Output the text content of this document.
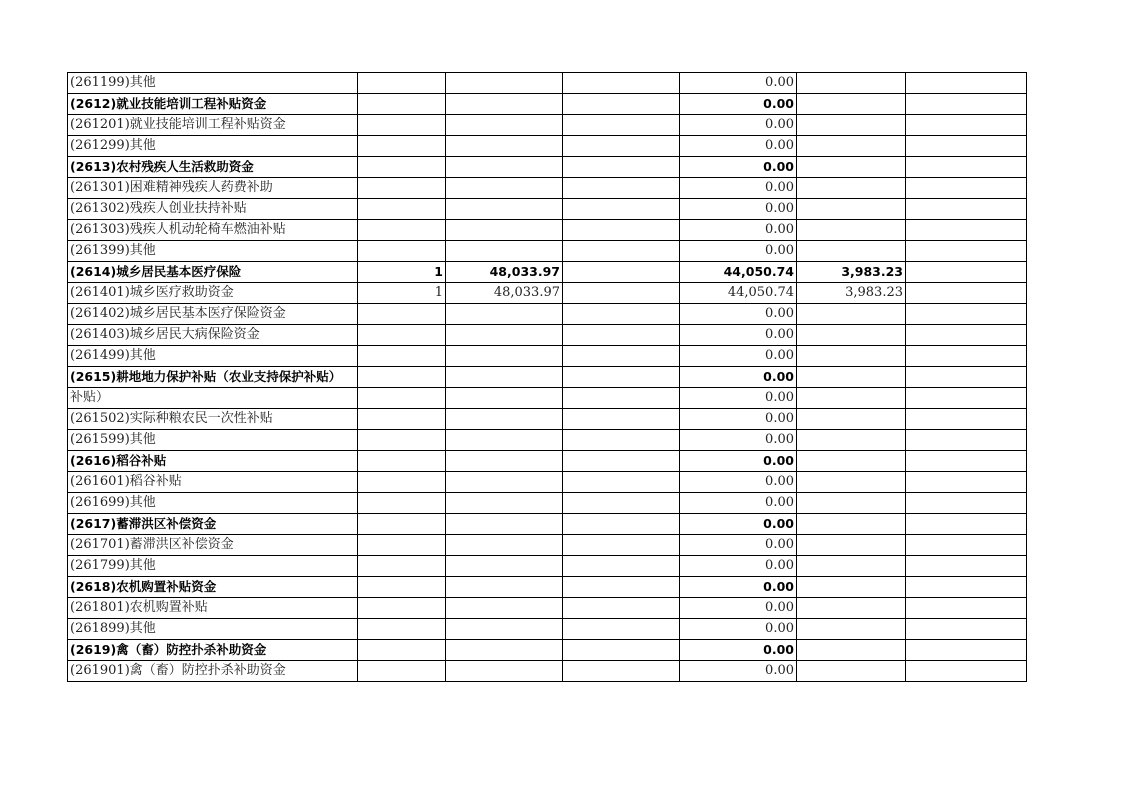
(261199)其他				0.00		
(2612)就业技能培训工程补贴资金				0.00		
(261201)就业技能培训工程补贴资金				0.00		
(261299)其他				0.00		
(2613)农村残疾人生活救助资金				0.00		
(261301)困难精神残疾人药费补助				0.00		
(261302)残疾人创业扶持补贴				0.00		
(261303)残疾人机动轮椅车燃油补贴				0.00		
(261399)其他				0.00		
(2614)城乡居民基本医疗保险	1	48,033.97		44,050.74	3,983.23	
(261401)城乡医疗救助资金	1	48,033.97		44,050.74	3,983.23	
(261402)城乡居民基本医疗保险资金				0.00		
(261403)城乡居民大病保险资金				0.00		
(261499)其他				0.00		
(2615)耕地地力保护补贴（农业支持保护补贴）				0.00		
补贴）				0.00		
(261502)实际种粮农民一次性补贴				0.00		
(261599)其他				0.00		
(2616)稻谷补贴				0.00		
(261601)稻谷补贴				0.00		
(261699)其他				0.00		
(2617)蓄滞洪区补偿资金				0.00		
(261701)蓄滞洪区补偿资金				0.00		
(261799)其他				0.00		
(2618)农机购置补贴资金				0.00		
(261801)农机购置补贴				0.00		
(261899)其他				0.00		
(2619)禽（畜）防控扑杀补助资金				0.00		
(261901)禽（畜）防控扑杀补助资金				0.00		
